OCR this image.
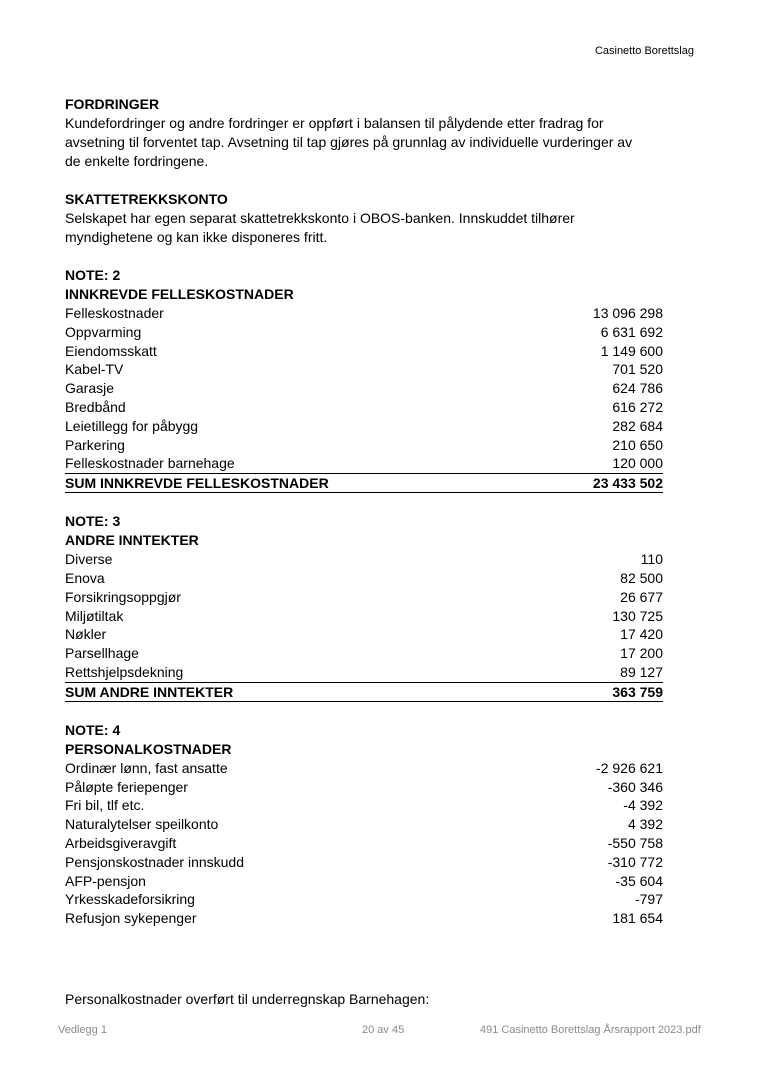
Casinetto Borettslag
FORDRINGER

Kundefordringer og andre fordringer er oppført i balansen til pålydende etter fradrag for avsetning til forventet tap. Avsetning til tap gjøres på grunnlag av individuelle vurderinger av de enkelte fordringene.

SKATTETREKKSKONTO

Selskapet har egen separat skattetrekkskonto i OBOS-banken. Innskuddet tilhører myndighetene og kan ikke disponeres fritt.

NOTE: 2
INNKREVDE FELLESKOSTNADER
Felleskostnader	13 096 298
Oppvarming	6 631 692
Eiendomsskatt	1 149 600
Kabel-TV	701 520
Garasje	624 786
Bredbånd	616 272
Leietillegg for påbygg	282 684
Parkering	210 650
Felleskostnader barnehage	120 000
SUM INNKREVDE FELLESKOSTNADER	23 433 502
NOTE: 3
ANDRE INNTEKTER
Diverse	110
Enova	82 500
Forsikringsoppgjør	26 677
Miljøtiltak	130 725
Nøkler	17 420
Parsellhage	17 200
Rettshjelpsdekning	89 127
SUM ANDRE INNTEKTER	363 759
NOTE: 4
PERSONALKOSTNADER
Ordinær lønn, fast ansatte	-2 926 621
Påløpte feriepenger	-360 346
Fri bil, tlf etc.	-4 392
Naturalytelser speilkonto	4 392
Arbeidsgiveravgift	-550 758
Pensjonskostnader innskudd	-310 772
AFP-pensjon	-35 604
Yrkesskadeforsikring	-797
Refusjon sykepenger	181 654
Personalkostnader overført til underregnskap Barnehagen:
Vedlegg 1	20 av 45	491 Casinetto Borettslag Årsrapport 2023.pdf
